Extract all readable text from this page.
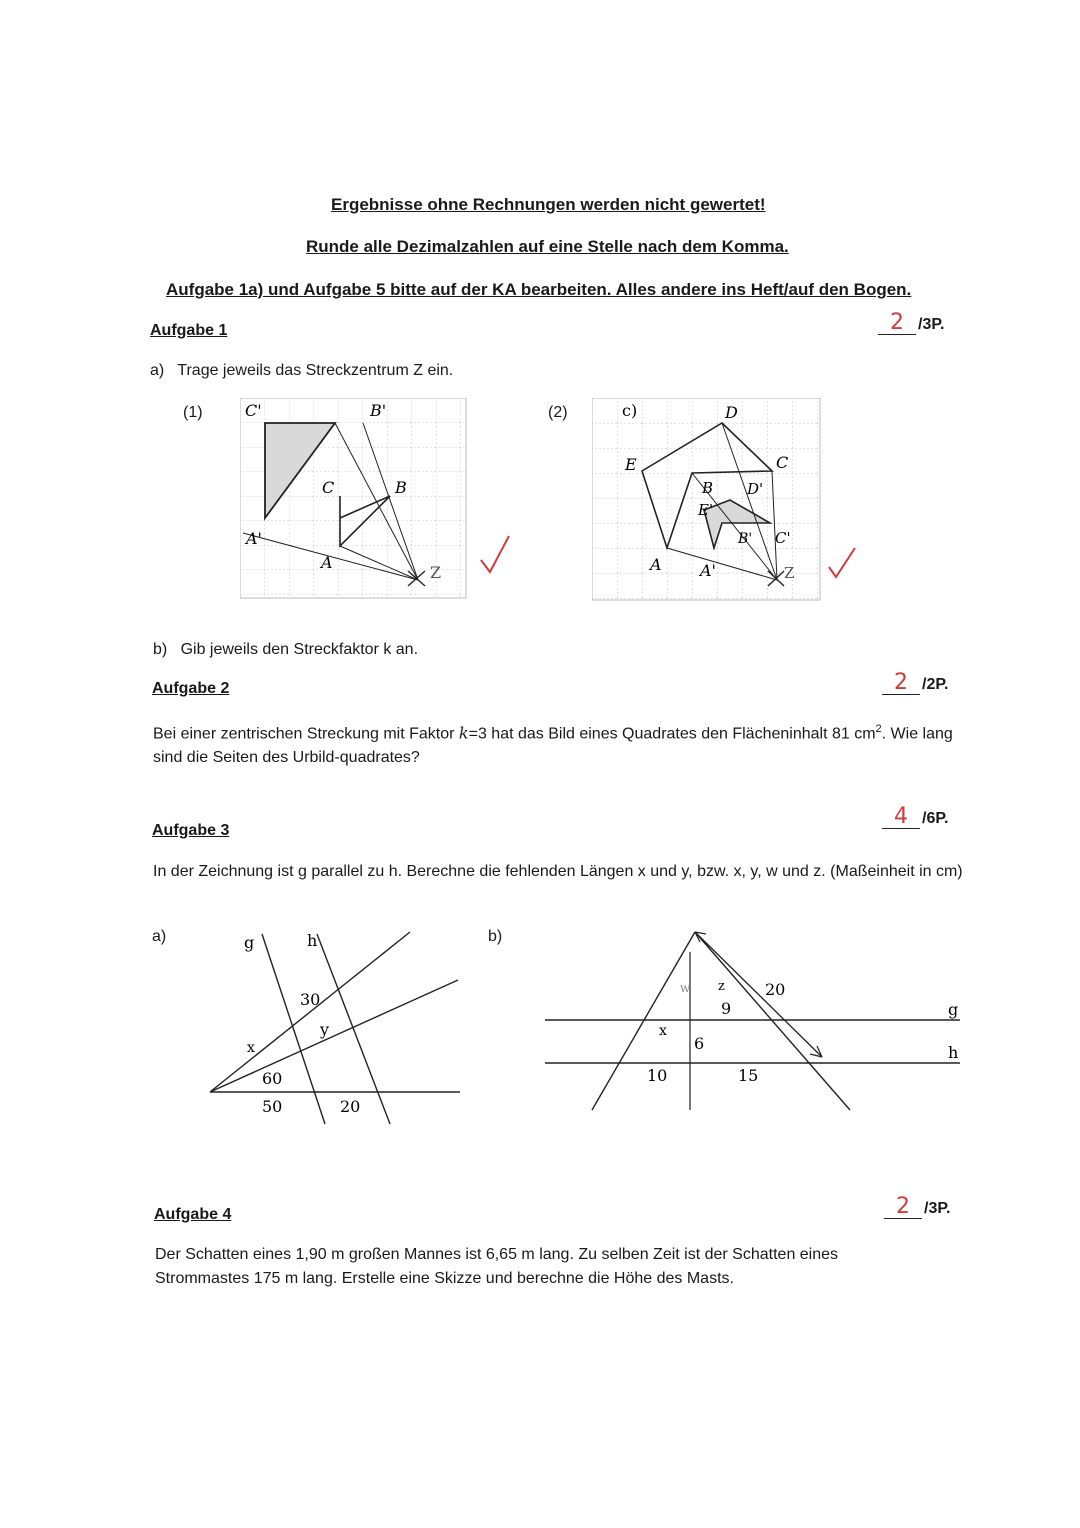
Ergebnisse ohne Rechnungen werden nicht gewertet!
Runde alle Dezimalzahlen auf eine Stelle nach dem Komma.
Aufgabe 1a) und Aufgabe 5 bitte auf der KA bearbeiten. Alles andere ins Heft/auf den Bogen.
Aufgabe 1	2 /3P.
a) Trage jeweils das Streckzentrum Z ein.
(1)	(2)
C'	B'
C	B
A'
A
Z
c)	D
E	C
B D'
E'
B' C'
A A'	Z
b) Gib jeweils den Streckfaktor k an.
Aufgabe 2	2 /2P.
Bei einer zentrischen Streckung mit Faktor k=3 hat das Bild eines Quadrates den Flächeninhalt 81 $cm^2$. Wie lang sind die Seiten des Urbild-quadrates?
Aufgabe 3
4 /6P.
In der Zeichnung ist g parallel zu h. Berechne die fehlenden Längen x und y, bzw. x, y, w und z. (Maßeinheit in cm)
a)	b)
g	h
30
y
x
60
50	20
z
w
9
20
g
x
6	h
10	15
Aufgabe 4	2 /3P.
Der Schatten eines 1,90 m großen Mannes ist 6,65 m lang. Zu selben Zeit ist der Schatten eines Strommastes 175 m lang. Erstelle eine Skizze und berechne die Höhe des Masts.
